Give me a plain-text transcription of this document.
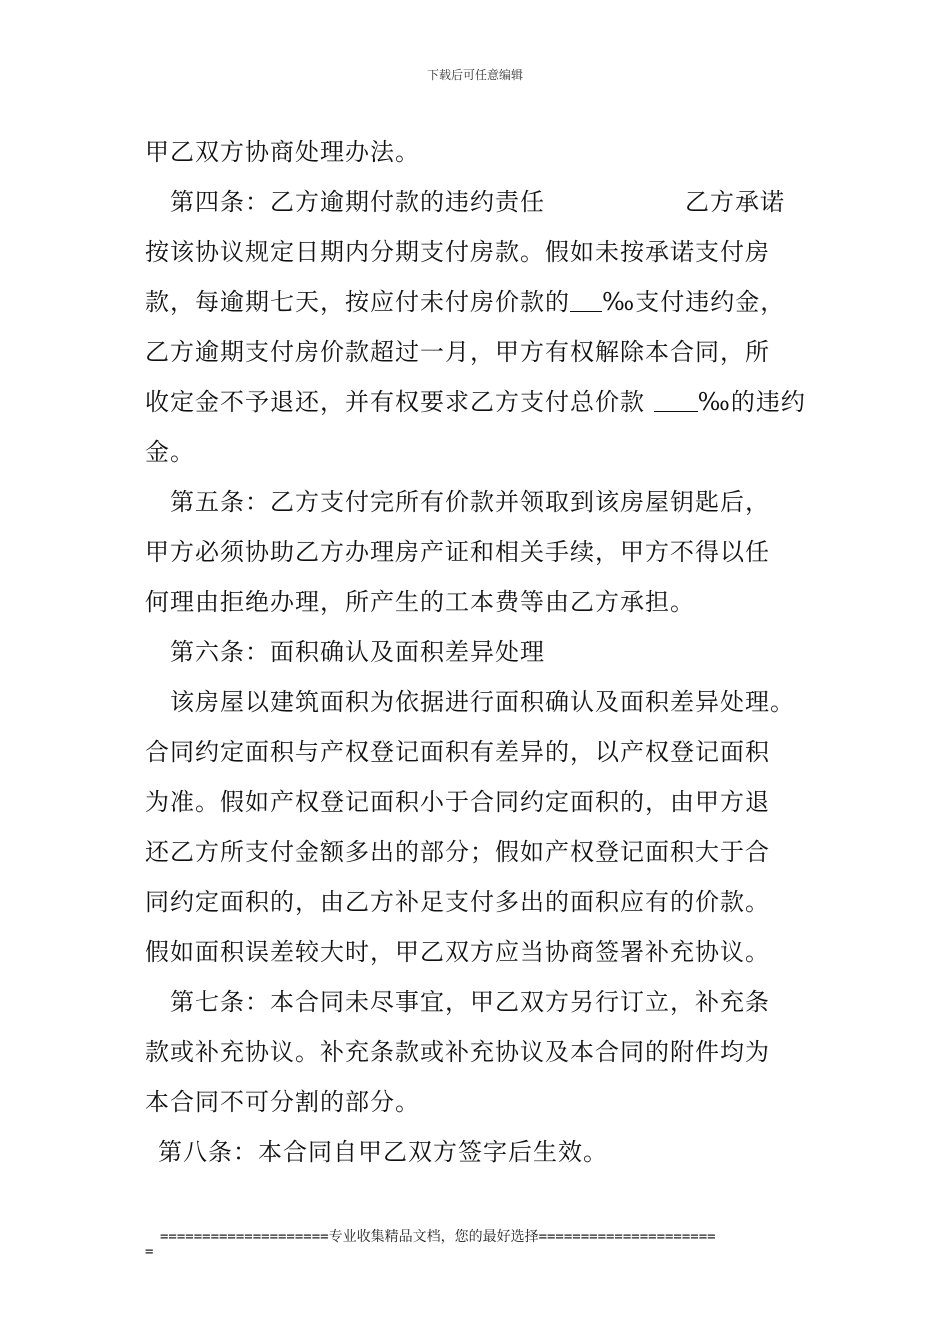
下载后可任意编辑
甲乙双方协商处理办法。
第四条：乙方逾期付款的违约责任	乙方承诺
按该协议规定日期内分期支付房款。假如未按承诺支付房
款，每逾期七天，按应付未付房价款的 ‰支付违约金，
乙方逾期支付房价款超过一月，甲方有权解除本合同，所
收定金不予退还，并有权要求乙方支付总价款 ‰的违约
金。
第五条：乙方支付完所有价款并领取到该房屋钥匙后，
甲方必须协助乙方办理房产证和相关手续，甲方不得以任
何理由拒绝办理，所产生的工本费等由乙方承担。
第六条：面积确认及面积差异处理
该房屋以建筑面积为依据进行面积确认及面积差异处理。
合同约定面积与产权登记面积有差异的，以产权登记面积
为准。假如产权登记面积小于合同约定面积的，由甲方退
还乙方所支付金额多出的部分；假如产权登记面积大于合
同约定面积的，由乙方补足支付多出的面积应有的价款。
假如面积误差较大时，甲乙双方应当协商签署补充协议。
第七条：本合同未尽事宜，甲乙双方另行订立，补充条
款或补充协议。补充条款或补充协议及本合同的附件均为
本合同不可分割的部分。
第八条：本合同自甲乙双方签字后生效。
====================专业收集精品文档，您的最好选择=====================
=
